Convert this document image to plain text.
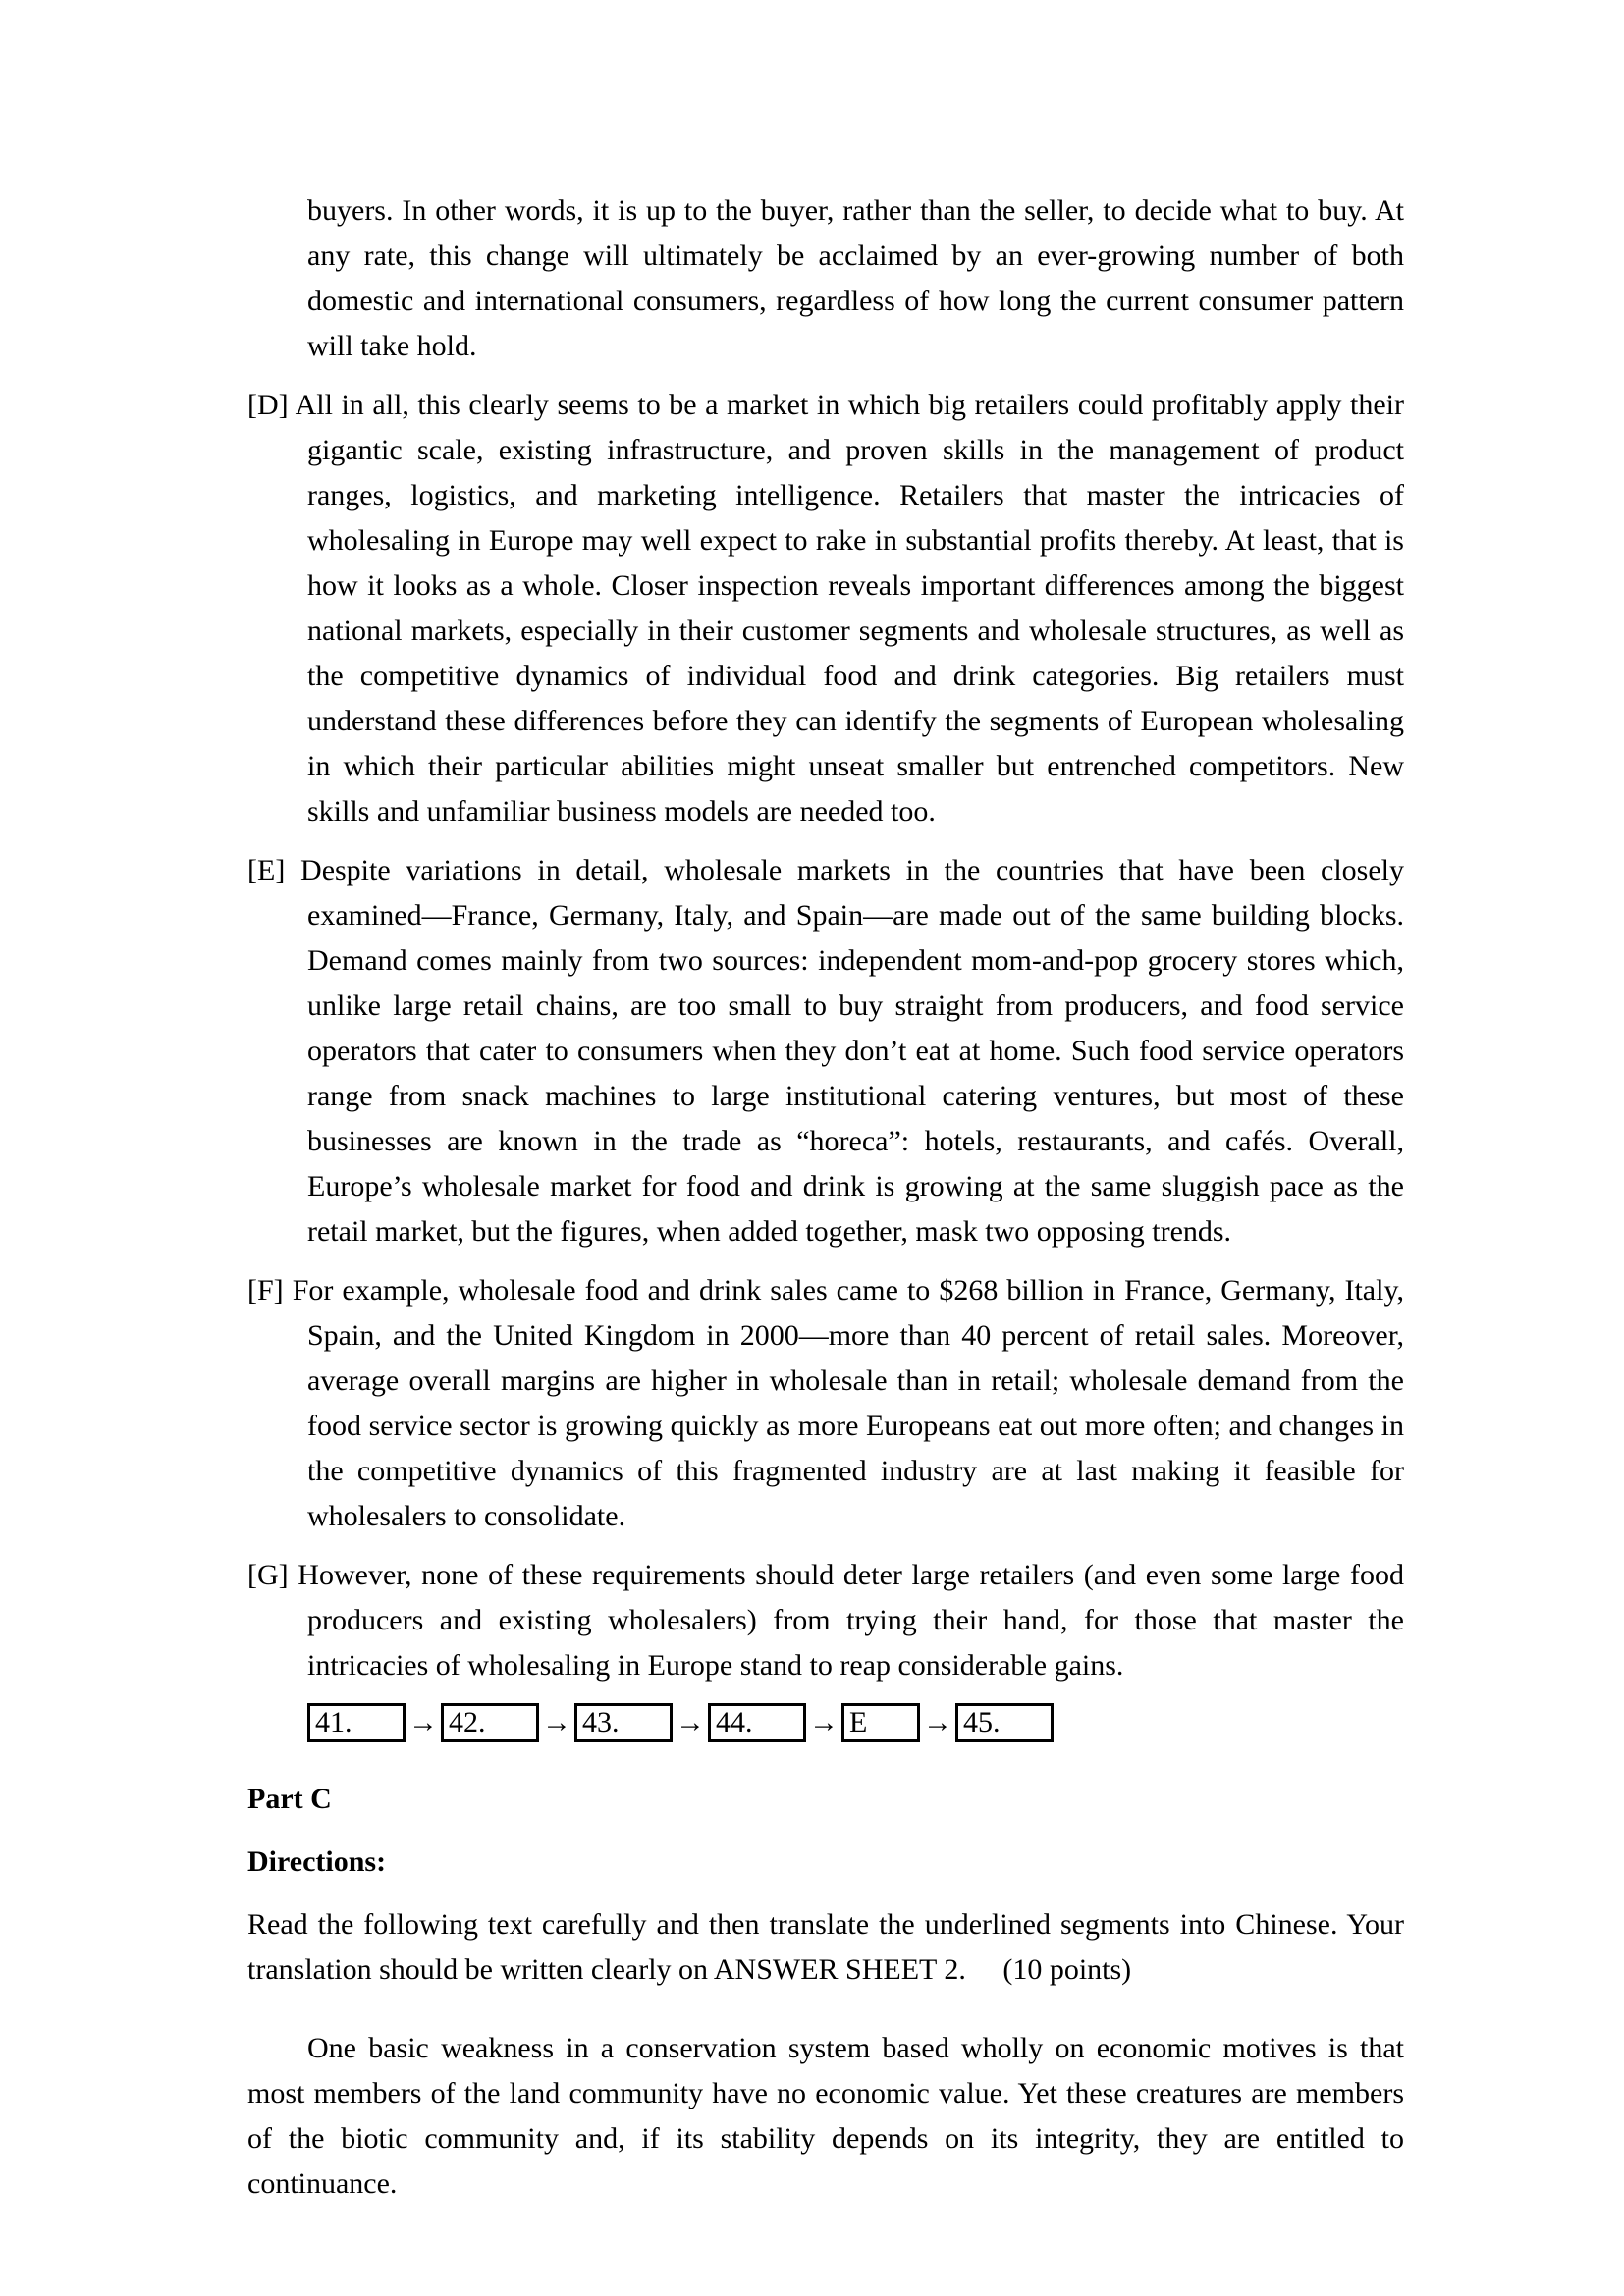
buyers. In other words, it is up to the buyer, rather than the seller, to decide what to buy. At any rate, this change will ultimately be acclaimed by an ever-growing number of both domestic and international consumers, regardless of how long the current consumer pattern will take hold.

[D] All in all, this clearly seems to be a market in which big retailers could profitably apply their gigantic scale, existing infrastructure, and proven skills in the management of product ranges, logistics, and marketing intelligence. Retailers that master the intricacies of wholesaling in Europe may well expect to rake in substantial profits thereby. At least, that is how it looks as a whole. Closer inspection reveals important differences among the biggest national markets, especially in their customer segments and wholesale structures, as well as the competitive dynamics of individual food and drink categories. Big retailers must understand these differences before they can identify the segments of European wholesaling in which their particular abilities might unseat smaller but entrenched competitors. New skills and unfamiliar business models are needed too.

[E] Despite variations in detail, wholesale markets in the countries that have been closely examined—France, Germany, Italy, and Spain—are made out of the same building blocks. Demand comes mainly from two sources: independent mom-and-pop grocery stores which, unlike large retail chains, are too small to buy straight from producers, and food service operators that cater to consumers when they don’t eat at home. Such food service operators range from snack machines to large institutional catering ventures, but most of these businesses are known in the trade as “horeca”: hotels, restaurants, and cafés. Overall, Europe’s wholesale market for food and drink is growing at the same sluggish pace as the retail market, but the figures, when added together, mask two opposing trends.

[F] For example, wholesale food and drink sales came to $268 billion in France, Germany, Italy, Spain, and the United Kingdom in 2000—more than 40 percent of retail sales. Moreover, average overall margins are higher in wholesale than in retail; wholesale demand from the food service sector is growing quickly as more Europeans eat out more often; and changes in the competitive dynamics of this fragmented industry are at last making it feasible for wholesalers to consolidate.

[G] However, none of these requirements should deter large retailers (and even some large food producers and existing wholesalers) from trying their hand, for those that master the intricacies of wholesaling in Europe stand to reap considerable gains.

41.	→ 42.	→ 43.	→ 44.	→ E	→ 45.

Part C

Directions:

Read the following text carefully and then translate the underlined segments into Chinese. Your translation should be written clearly on ANSWER SHEET 2.  (10 points)

One basic weakness in a conservation system based wholly on economic motives is that most members of the land community have no economic value. Yet these creatures are members of the biotic community and, if its stability depends on its integrity, they are entitled to continuance.
